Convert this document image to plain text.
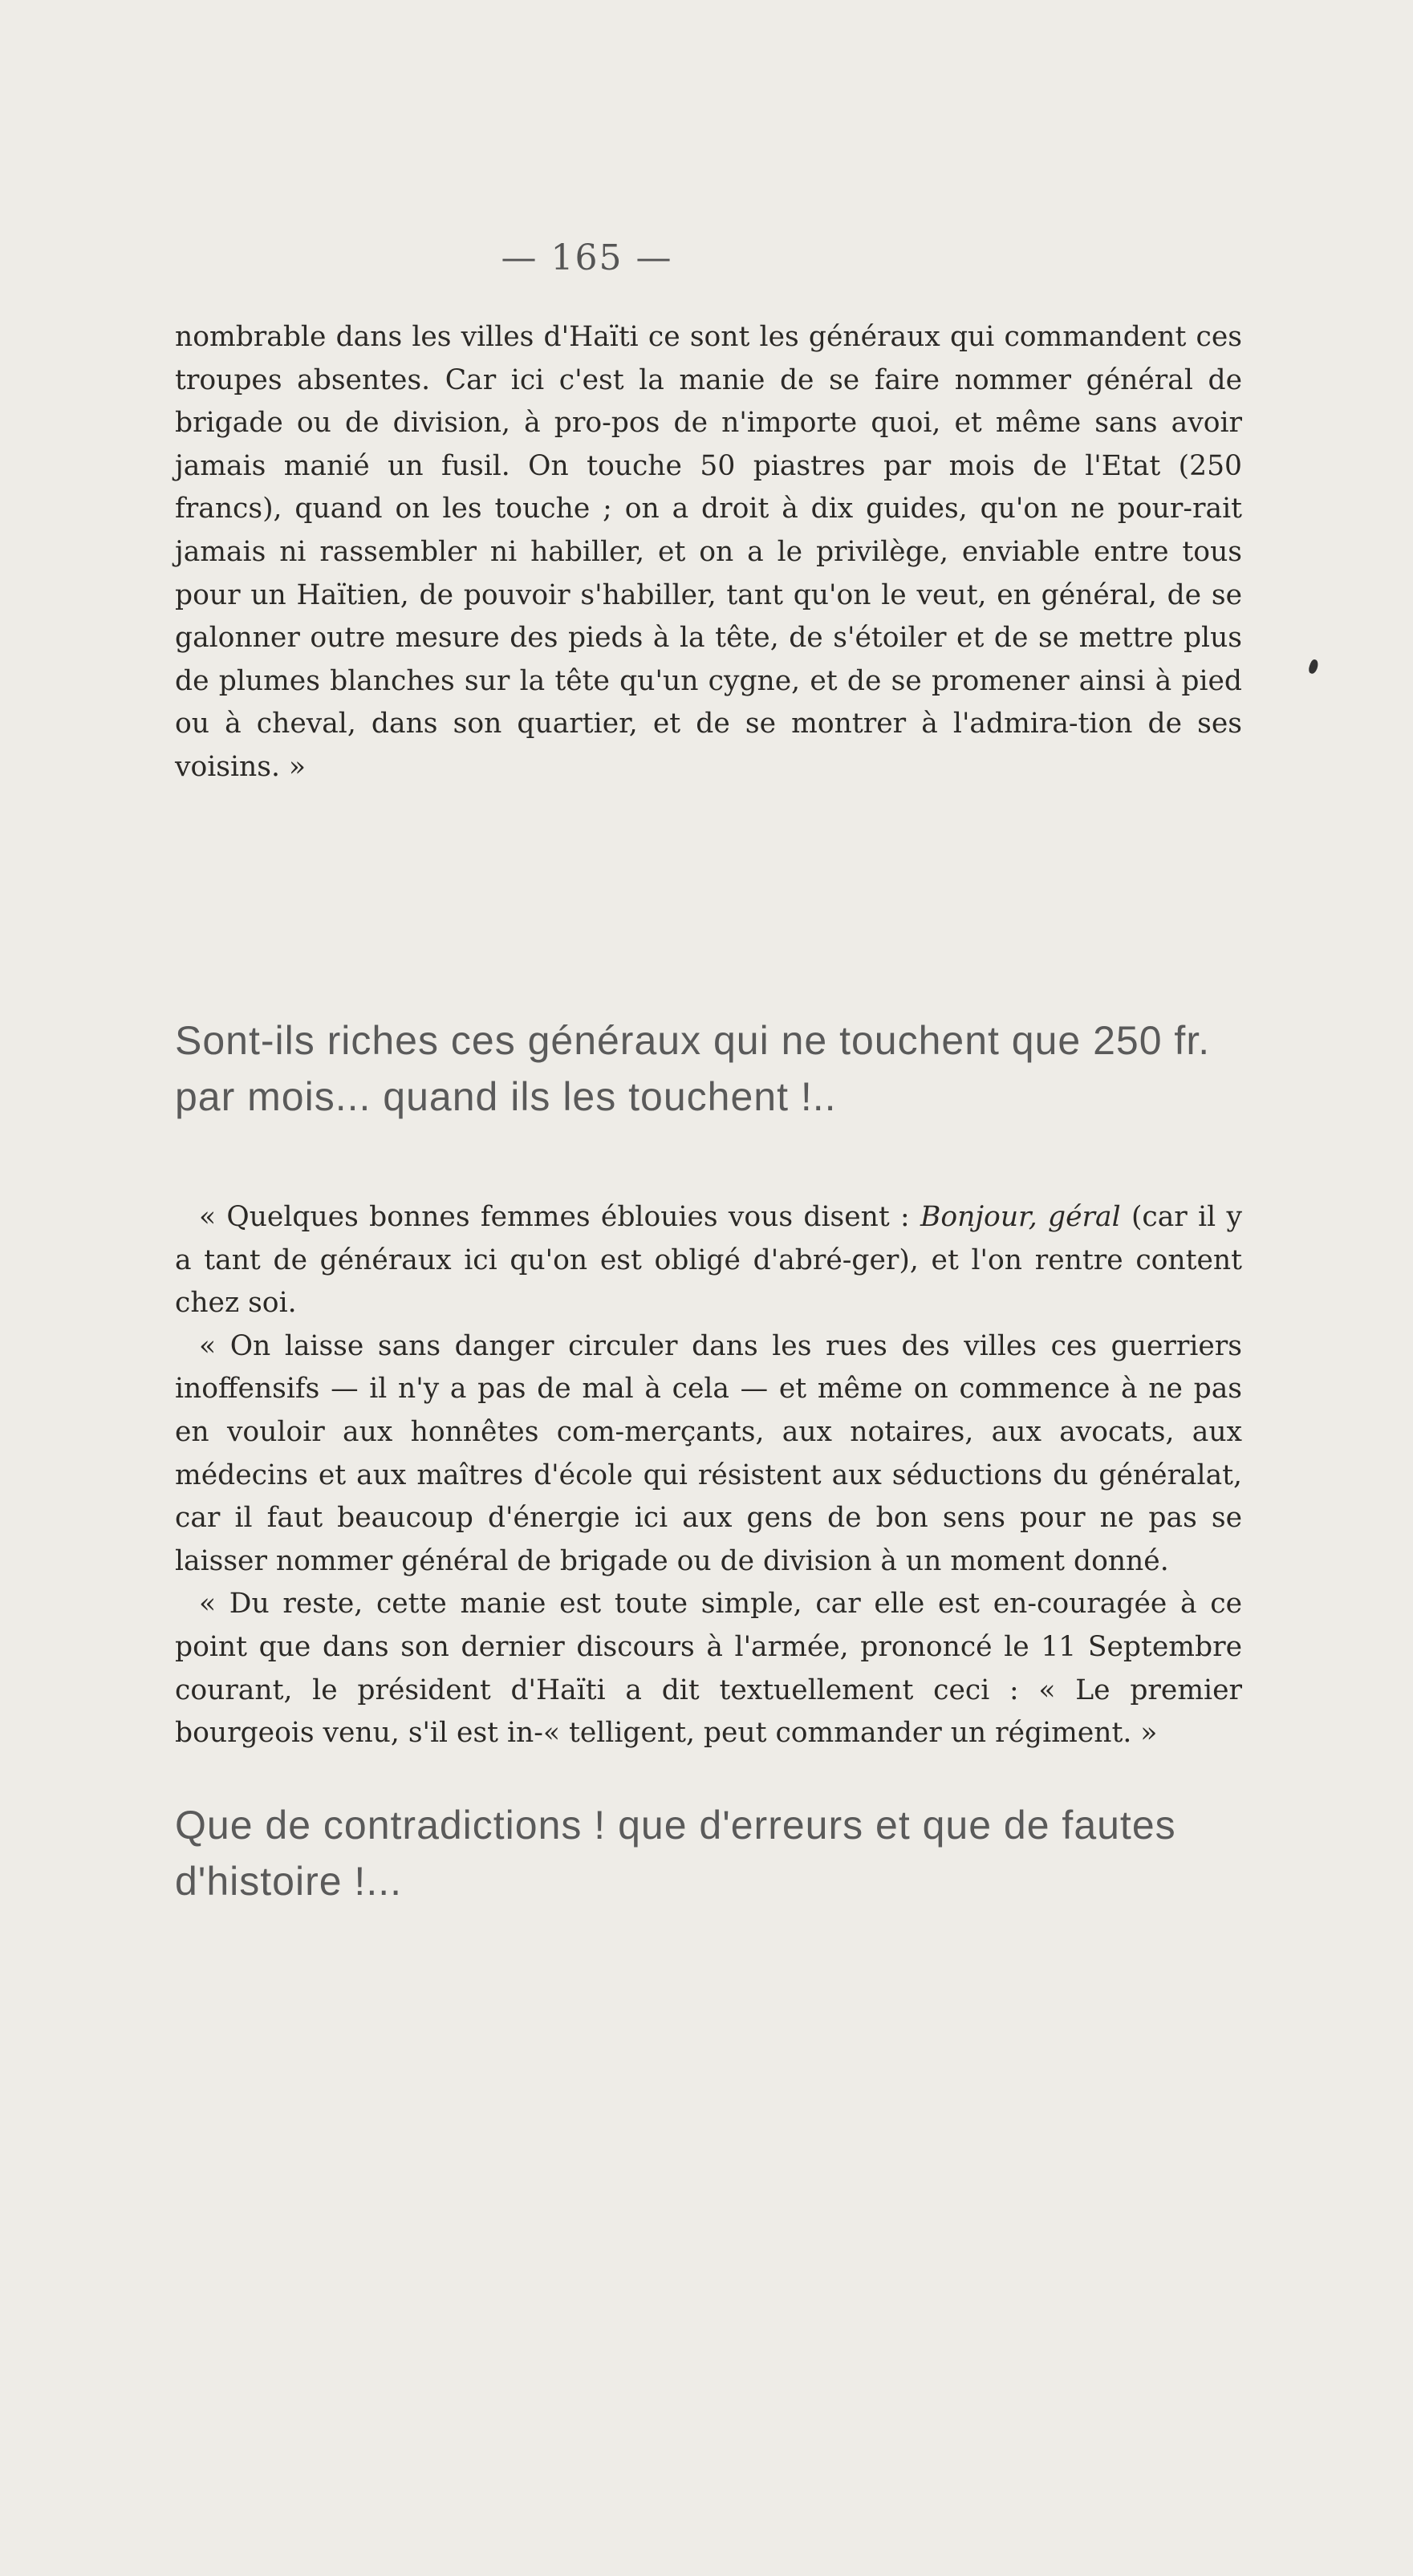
— 165 —

nombrable dans les villes d'Haïti ce sont les généraux qui commandent ces troupes absentes. Car ici c'est la manie de se faire nommer général de brigade ou de division, à pro-pos de n'importe quoi, et même sans avoir jamais manié un fusil. On touche 50 piastres par mois de l'Etat (250 francs), quand on les touche ; on a droit à dix guides, qu'on ne pour-rait jamais ni rassembler ni habiller, et on a le privilège, enviable entre tous pour un Haïtien, de pouvoir s'habiller, tant qu'on le veut, en général, de se galonner outre mesure des pieds à la tête, de s'étoiler et de se mettre plus de plumes blanches sur la tête qu'un cygne, et de se promener ainsi à pied ou à cheval, dans son quartier, et de se montrer à l'admira-tion de ses voisins. »

Sont-ils riches ces généraux qui ne touchent que 250 fr. par mois... quand ils les touchent !..

« Quelques bonnes femmes éblouies vous disent : Bonjour, géral (car il y a tant de généraux ici qu'on est obligé d'abré-ger), et l'on rentre content chez soi.

« On laisse sans danger circuler dans les rues des villes ces guerriers inoffensifs — il n'y a pas de mal à cela — et même on commence à ne pas en vouloir aux honnêtes com-merçants, aux notaires, aux avocats, aux médecins et aux maîtres d'école qui résistent aux séductions du généralat, car il faut beaucoup d'énergie ici aux gens de bon sens pour ne pas se laisser nommer général de brigade ou de division à un moment donné.

« Du reste, cette manie est toute simple, car elle est en-couragée à ce point que dans son dernier discours à l'armée, prononcé le 11 Septembre courant, le président d'Haïti a dit textuellement ceci : « Le premier bourgeois venu, s'il est in-« telligent, peut commander un régiment. »

Que de contradictions ! que d'erreurs et que de fautes d'histoire !...
